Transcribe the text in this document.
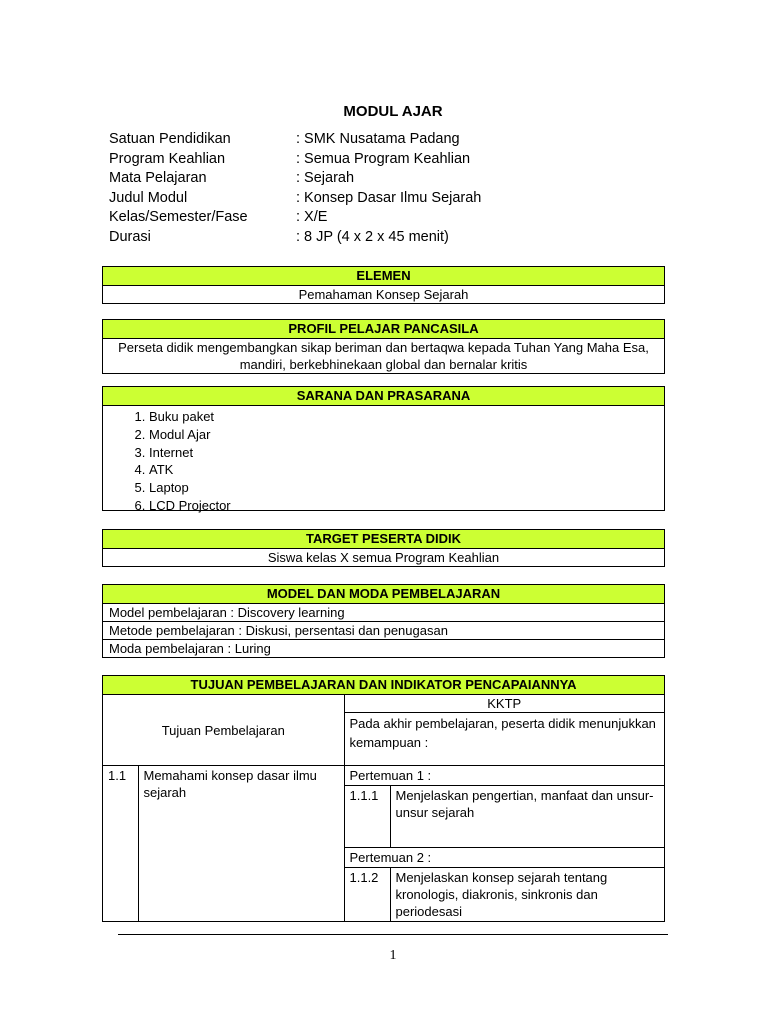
MODUL AJAR
Satuan Pendidikan	: SMK Nusatama Padang
Program Keahlian	: Semua Program Keahlian
Mata Pelajaran	: Sejarah
Judul Modul	: Konsep Dasar Ilmu Sejarah
Kelas/Semester/Fase	: X/E
Durasi	: 8 JP (4 x 2 x 45 menit)
ELEMEN
Pemahaman Konsep Sejarah
PROFIL PELAJAR PANCASILA
Perseta didik mengembangkan sikap beriman dan bertaqwa kepada Tuhan Yang Maha Esa, mandiri, berkebhinekaan global dan bernalar kritis
SARANA DAN PRASARANA
1. Buku paket
2. Modul Ajar
3. Internet
4. ATK
5. Laptop
6. LCD Projector
TARGET PESERTA DIDIK
Siswa kelas X semua Program Keahlian
MODEL DAN MODA PEMBELAJARAN
Model pembelajaran : Discovery learning
Metode pembelajaran : Diskusi, persentasi dan penugasan
Moda pembelajaran : Luring
TUJUAN PEMBELAJARAN DAN INDIKATOR PENCAPAIANNYA
Tujuan Pembelajaran		KKTP	
		Pada akhir pembelajaran, peserta didik menunjukkan kemampuan :	
1.1	Memahami konsep dasar ilmu sejarah	Pertemuan 1 :	
		1.1.1	Menjelaskan pengertian, manfaat dan unsur-unsur sejarah
		Pertemuan 2 :	
		1.1.2	Menjelaskan konsep sejarah tentang kronologis, diakronis, sinkronis dan periodesasi
1
